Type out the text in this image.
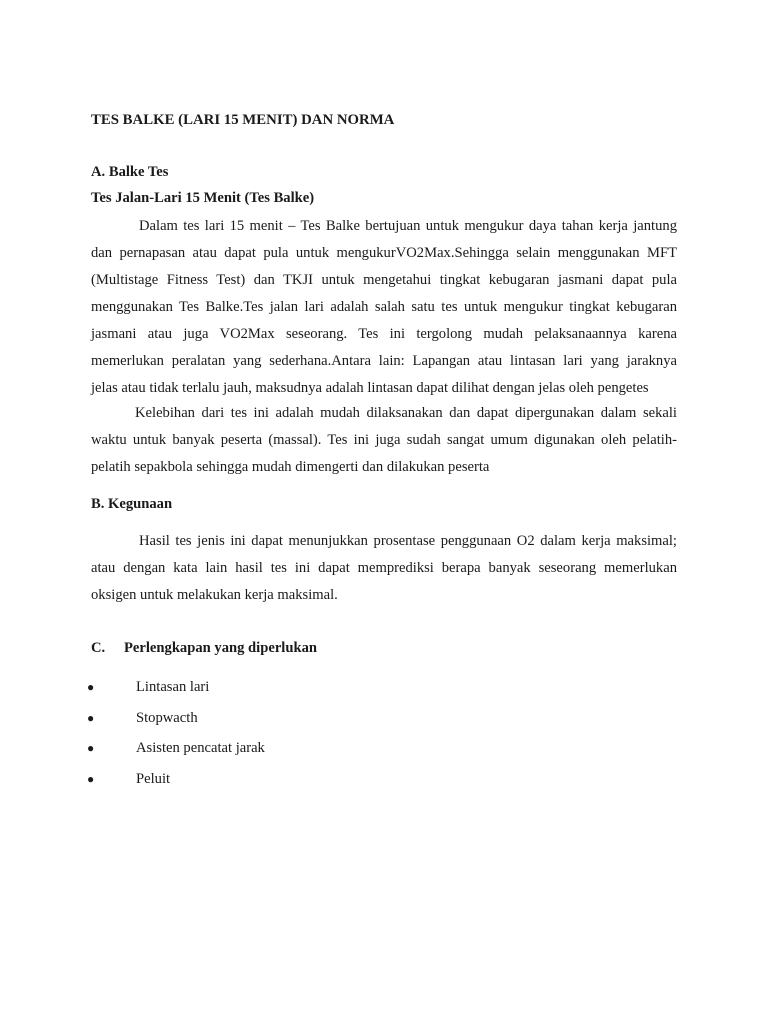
TES BALKE (LARI 15 MENIT) DAN NORMA
A. Balke Tes
Tes Jalan-Lari 15 Menit (Tes Balke)
Dalam tes lari 15 menit – Tes Balke bertujuan untuk mengukur daya tahan kerja jantung
dan pernapasan atau dapat pula untuk mengukurVO2Max.Sehingga selain menggunakan MFT
(Multistage Fitness Test) dan TKJI untuk mengetahui tingkat kebugaran jasmani dapat pula
menggunakan Tes Balke.Tes jalan lari adalah salah satu tes untuk mengukur tingkat kebugaran
jasmani atau juga VO2Max seseorang. Tes ini tergolong mudah pelaksanaannya karena
memerlukan peralatan yang sederhana.Antara lain: Lapangan atau lintasan lari yang jaraknya
jelas atau tidak terlalu jauh, maksudnya adalah lintasan dapat dilihat dengan jelas oleh pengetes
Kelebihan dari tes ini adalah mudah dilaksanakan dan dapat dipergunakan dalam sekali
waktu untuk banyak peserta (massal). Tes ini juga sudah sangat umum digunakan oleh pelatih-
pelatih sepakbola sehingga mudah dimengerti dan dilakukan peserta
B. Kegunaan
Hasil tes jenis ini dapat menunjukkan prosentase penggunaan O2 dalam kerja maksimal;
atau dengan kata lain hasil tes ini dapat memprediksi berapa banyak seseorang memerlukan
oksigen untuk melakukan kerja maksimal.
C. Perlengkapan yang diperlukan
●	Lintasan lari
●	Stopwacth
●	Asisten pencatat jarak
●	Peluit
